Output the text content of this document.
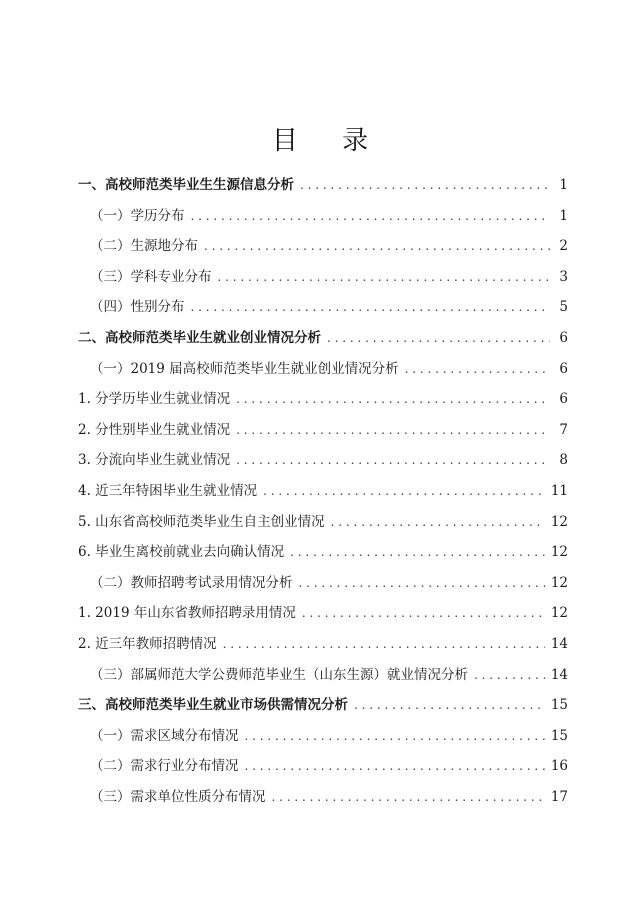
目 录
一、高校师范类毕业生生源信息分析 . . .	1
（一）学历分布 . . .	1
（二）生源地分布 . . .	2
（三）学科专业分布 . . .	3
（四）性别分布 . . .	5
二、高校师范类毕业生就业创业情况分析 . . .	6
（一）2019 届高校师范类毕业生就业创业情况分析 . . .	6
1. 分学历毕业生就业情况 . . .	6
2. 分性别毕业生就业情况 . . .	7
3. 分流向毕业生就业情况 . . .	8
4. 近三年特困毕业生就业情况 . . .	11
5. 山东省高校师范类毕业生自主创业情况 . . .	12
6. 毕业生离校前就业去向确认情况 . . .	12
（二）教师招聘考试录用情况分析 . . .	12
1. 2019 年山东省教师招聘录用情况 . . .	12
2. 近三年教师招聘情况 . . .	14
（三）部属师范大学公费师范毕业生（山东生源）就业情况分析 . . .	14
三、高校师范类毕业生就业市场供需情况分析 . . .	15
（一）需求区域分布情况 . . .	15
（二）需求行业分布情况 . . .	16
（三）需求单位性质分布情况 . . .	17
